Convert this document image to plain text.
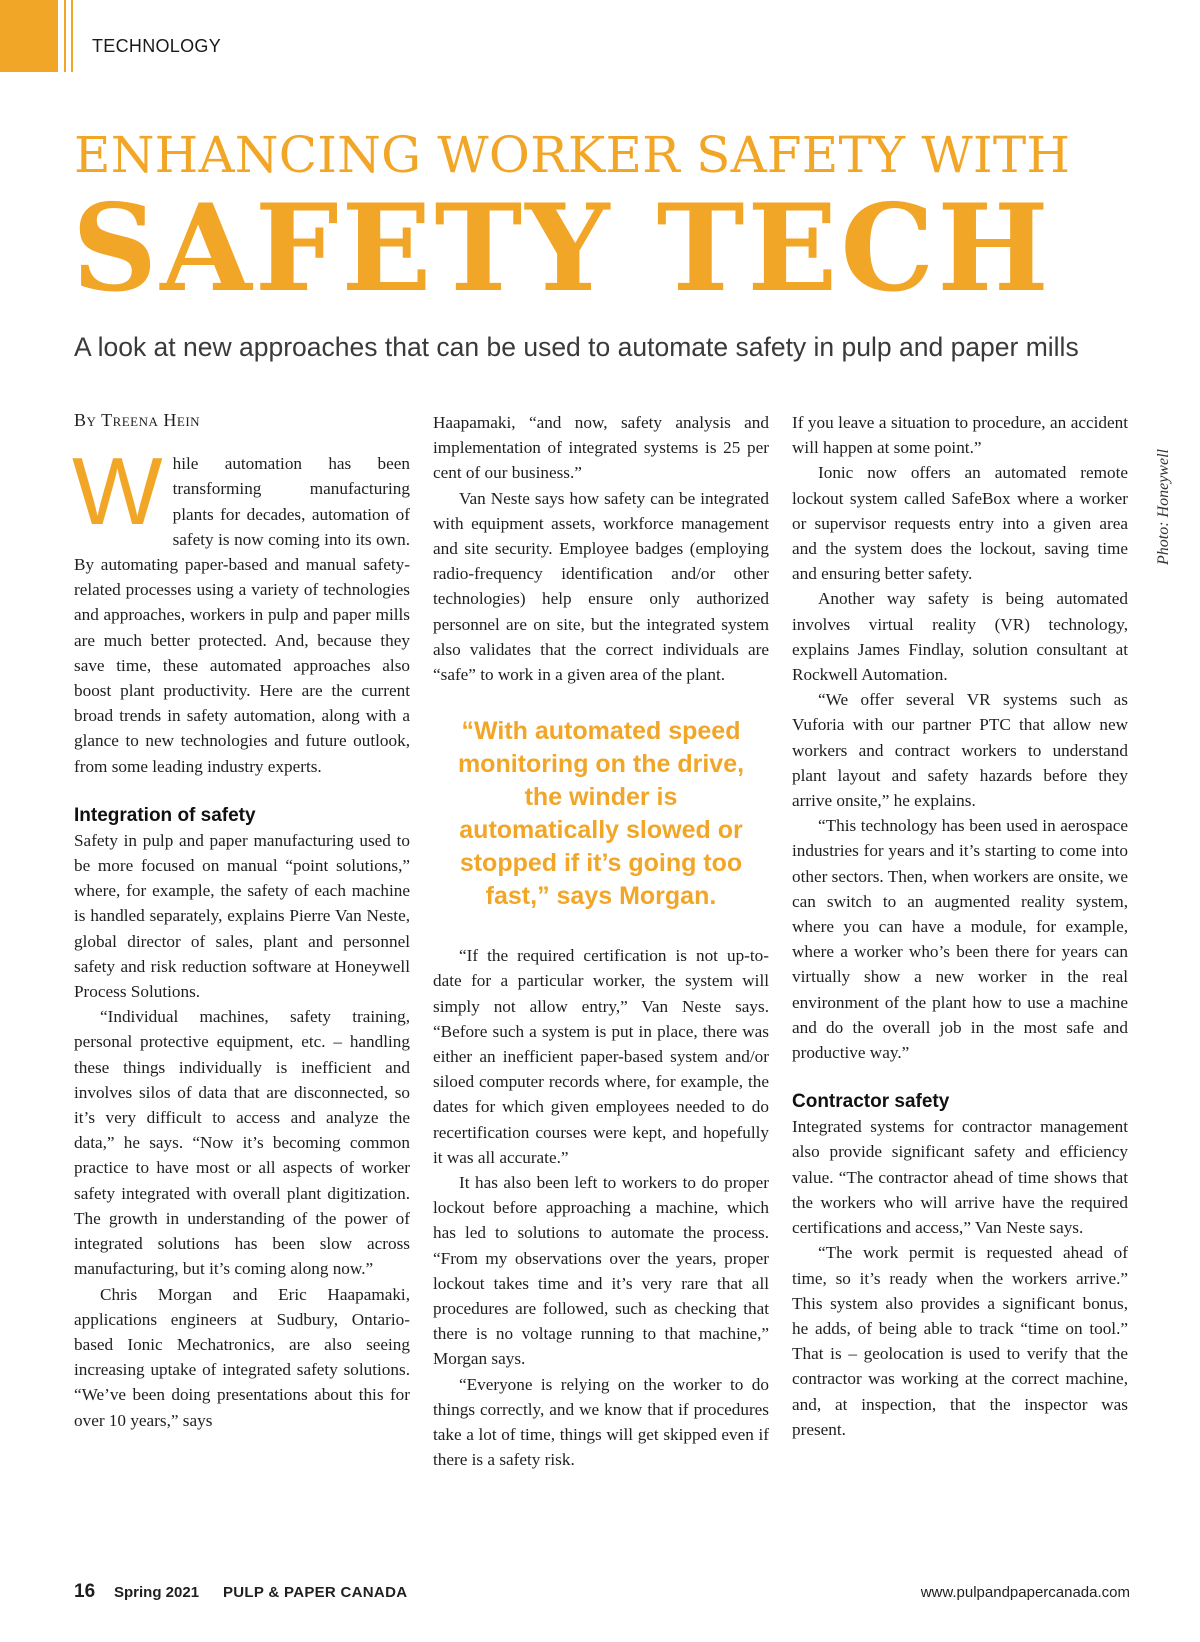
TECHNOLOGY
ENHANCING WORKER SAFETY WITH
SAFETY TECH
A look at new approaches that can be used to automate safety in pulp and paper mills
By Treena Hein

While automation has been transforming manufacturing plants for decades, automation of safety is now coming into its own. By automating paper-based and manual safety-related processes using a variety of technologies and approaches, workers in pulp and paper mills are much better protected. And, because they save time, these automated approaches also boost plant productivity. Here are the current broad trends in safety automation, along with a glance to new technologies and future outlook, from some leading industry experts.

Integration of safety

Safety in pulp and paper manufacturing used to be more focused on manual “point solutions,” where, for example, the safety of each machine is handled separately, explains Pierre Van Neste, global director of sales, plant and personnel safety and risk reduction software at Honeywell Process Solutions.

“Individual machines, safety training, personal protective equipment, etc. – handling these things individually is inefficient and involves silos of data that are disconnected, so it’s very difficult to access and analyze the data,” he says. “Now it’s becoming common practice to have most or all aspects of worker safety integrated with overall plant digitization. The growth in understanding of the power of integrated solutions has been slow across manufacturing, but it’s coming along now.”

Chris Morgan and Eric Haapamaki, applications engineers at Sudbury, Ontario-based Ionic Mechatronics, are also seeing increasing uptake of integrated safety solutions. “We’ve been doing presentations about this for over 10 years,” says

Haapamaki, “and now, safety analysis and implementation of integrated systems is 25 per cent of our business.”

Van Neste says how safety can be integrated with equipment assets, workforce management and site security. Employee badges (employing radio-frequency identification and/or other technologies) help ensure only authorized personnel are on site, but the integrated system also validates that the correct individuals are “safe” to work in a given area of the plant.

“With automated speed monitoring on the drive, the winder is automatically slowed or stopped if it’s going too fast,” says Morgan.

“If the required certification is not up-to-date for a particular worker, the system will simply not allow entry,” Van Neste says. “Before such a system is put in place, there was either an inefficient paper-based system and/or siloed computer records where, for example, the dates for which given employees needed to do recertification courses were kept, and hopefully it was all accurate.”

It has also been left to workers to do proper lockout before approaching a machine, which has led to solutions to automate the process. “From my observations over the years, proper lockout takes time and it’s very rare that all procedures are followed, such as checking that there is no voltage running to that machine,” Morgan says.

“Everyone is relying on the worker to do things correctly, and we know that if procedures take a lot of time, things will get skipped even if there is a safety risk.

If you leave a situation to procedure, an accident will happen at some point.”

Ionic now offers an automated remote lockout system called SafeBox where a worker or supervisor requests entry into a given area and the system does the lockout, saving time and ensuring better safety.

Another way safety is being automated involves virtual reality (VR) technology, explains James Findlay, solution consultant at Rockwell Automation.

“We offer several VR systems such as Vuforia with our partner PTC that allow new workers and contract workers to understand plant layout and safety hazards before they arrive onsite,” he explains.

“This technology has been used in aerospace industries for years and it’s starting to come into other sectors. Then, when workers are onsite, we can switch to an augmented reality system, where you can have a module, for example, where a worker who’s been there for years can virtually show a new worker in the real environment of the plant how to use a machine and do the overall job in the most safe and productive way.”

Contractor safety

Integrated systems for contractor management also provide significant safety and efficiency value. “The contractor ahead of time shows that the workers who will arrive have the required certifications and access,” Van Neste says.

“The work permit is requested ahead of time, so it’s ready when the workers arrive.” This system also provides a significant bonus, he adds, of being able to track “time on tool.” That is – geolocation is used to verify that the contractor was working at the correct machine, and, at inspection, that the inspector was present.

Photo: Honeywell
16 Spring 2021 PULP & PAPER CANADA	www.pulpandpapercanada.com
